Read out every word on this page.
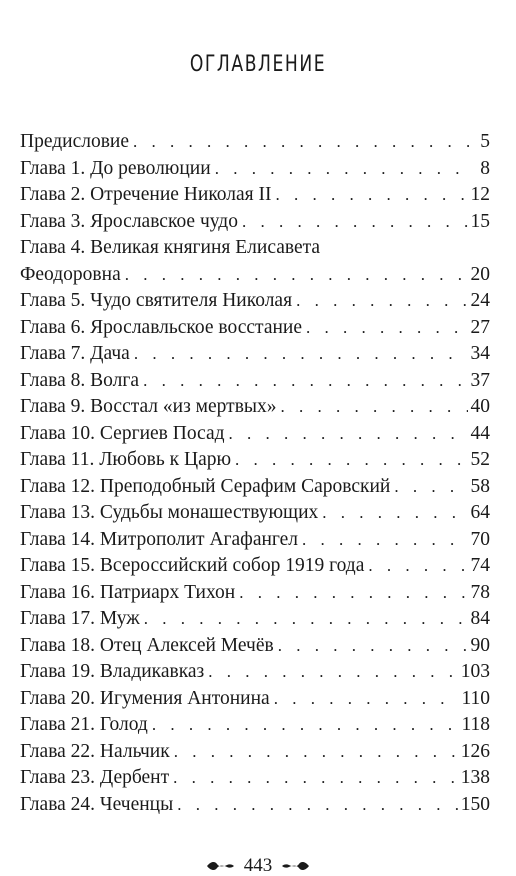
ОГЛАВЛЕНИЕ
Предисловие . . .	5
Глава 1. До революции . . .	8
Глава 2. Отречение Николая II . . .	12
Глава 3. Ярославское чудо . . .	15
Глава 4. Великая княгиня Елисавета
Феодоровна . . .	20
Глава 5. Чудо святителя Николая . . .	24
Глава 6. Ярославльское восстание . . .	27
Глава 7. Дача . . .	34
Глава 8. Волга . . .	37
Глава 9. Восстал «из мертвых» . . .	40
Глава 10. Сергиев Посад . . .	44
Глава 11. Любовь к Царю . . .	52
Глава 12. Преподобный Серафим Саровский . . .	58
Глава 13. Судьбы монашествующих . . .	64
Глава 14. Митрополит Агафангел . . .	70
Глава 15. Всероссийский собор 1919 года . . .	74
Глава 16. Патриарх Тихон . . .	78
Глава 17. Муж . . .	84
Глава 18. Отец Алексей Мечёв . . .	90
Глава 19. Владикавказ . . .	103
Глава 20. Игумения Антонина . . .	110
Глава 21. Голод . . .	118
Глава 22. Нальчик . . .	126
Глава 23. Дербент . . .	138
Глава 24. Чеченцы . . .	150
443
